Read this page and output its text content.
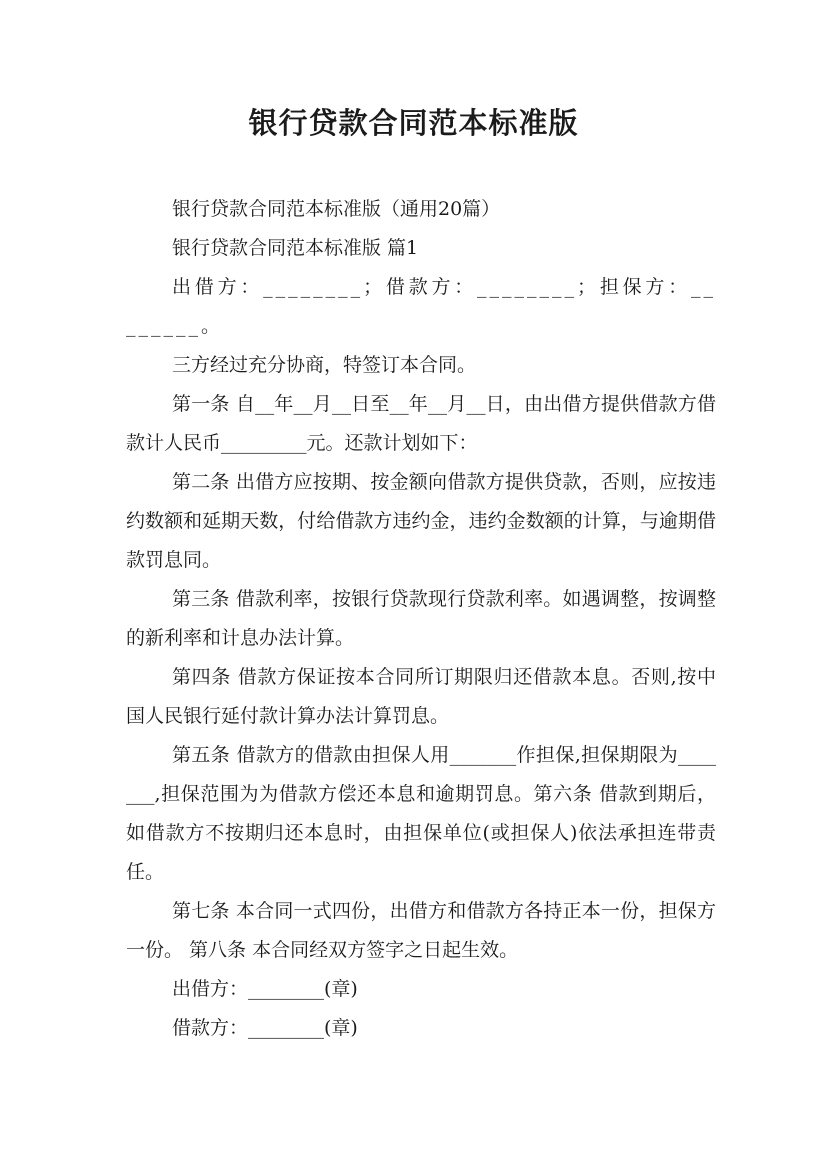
银行贷款合同范本标准版

银行贷款合同范本标准版（通用20篇）

银行贷款合同范本标准版 篇1

出借方：________；借款方：________；担保方：________。

三方经过充分协商，特签订本合同。

第一条 自__年__月__日至__年__月__日，由出借方提供借款方借款计人民币_________元。还款计划如下：

第二条 出借方应按期、按金额向借款方提供贷款，否则，应按违约数额和延期天数，付给借款方违约金，违约金数额的计算，与逾期借款罚息同。

第三条 借款利率，按银行贷款现行贷款利率。如遇调整，按调整的新利率和计息办法计算。

第四条 借款方保证按本合同所订期限归还借款本息。否则,按中国人民银行延付款计算办法计算罚息。

第五条 借款方的借款由担保人用_______作担保,担保期限为_______,担保范围为为借款方偿还本息和逾期罚息。第六条 借款到期后，如借款方不按期归还本息时，由担保单位(或担保人)依法承担连带责任。

第七条 本合同一式四份，出借方和借款方各持正本一份，担保方一份。 第八条 本合同经双方签字之日起生效。

出借方：________(章)

借款方：________(章)
